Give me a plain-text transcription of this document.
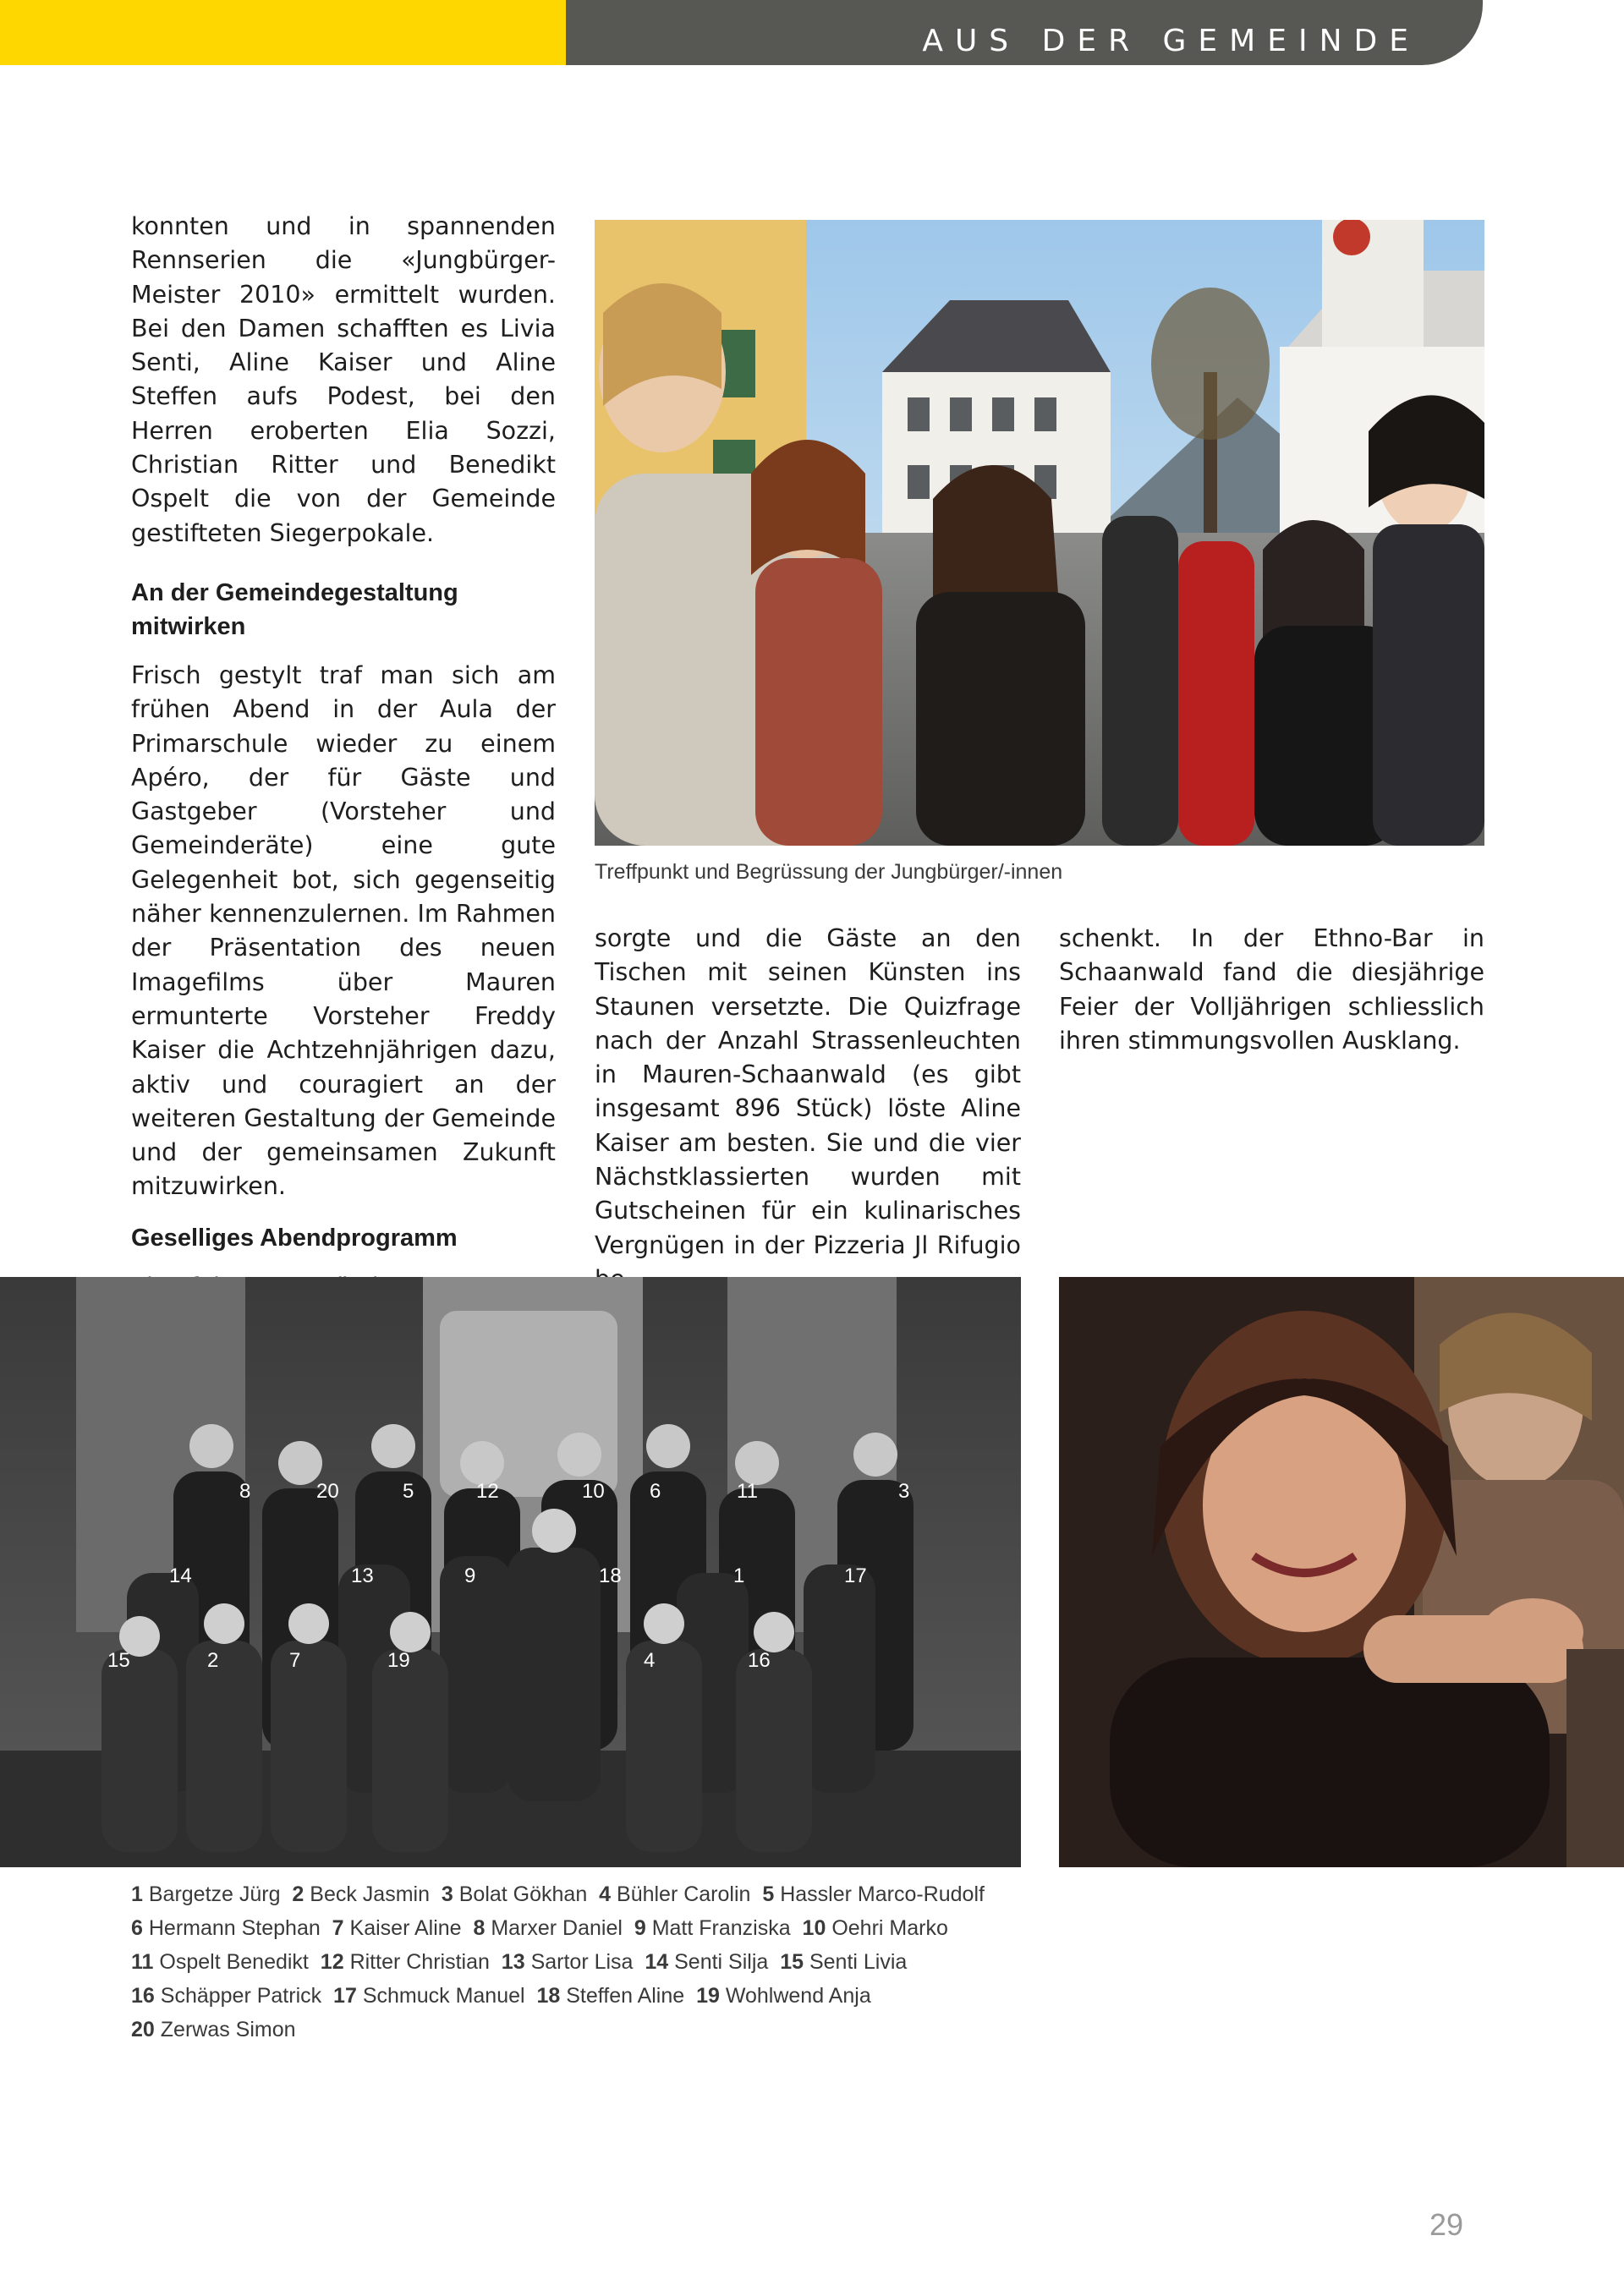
AUS DER GEMEINDE

konnten und in spannenden Rennserien die «Jungbürger-Meister 2010» ermittelt wurden. Bei den Damen schafften es Livia Senti, Aline Kaiser und Aline Steffen aufs Podest, bei den Herren eroberten Elia Sozzi, Christian Ritter und Benedikt Ospelt die von der Gemeinde gestifteten Siegerpokale.

An der Gemeindegestaltung mitwirken

Frisch gestylt traf man sich am frühen Abend in der Aula der Primarschule wieder zu einem Apéro, der für Gäste und Gastgeber (Vorsteher und Gemeinderäte) eine gute Gelegenheit bot, sich gegenseitig näher kennenzulernen. Im Rahmen der Präsentation des neuen Imagefilms über Mauren ermunterte Vorsteher Freddy Kaiser die Achtzehnjährigen dazu, aktiv und couragiert an der weiteren Gestaltung der Gemeinde und der gemeinsamen Zukunft mitzuwirken.

Geselliges Abendprogramm

Treffpunkt und Begrüssung der Jungbürger/-innen

sorgte und die Gäste an den Tischen mit seinen Künsten ins Staunen versetzte. Die Quizfrage nach der Anzahl Strassenleuchten in Mauren-Schaanwald (es gibt insgesamt 896 Stück) löste Aline Kaiser am besten. Sie und die vier Nächstklassierten wurden mit Gutscheinen für ein kulinarisches Vergnügen in der Pizzeria Jl Rifugio

schenkt. In der Ethno-Bar in Schaanwald fand die diesjährige Feier der Volljährigen schliesslich ihren stimmungsvollen Ausklang.

8	20	5	12	10 6	11	3
14	13	9	18	1	17
15	2	7	19	4	16
1 Bargetze Jürg 2 Beck Jasmin 3 Bolat Gökhan 4 Bühler Carolin 5 Hassler Marco-Rudolf
6 Hermann Stephan 7 Kaiser Aline 8 Marxer Daniel 9 Matt Franziska 10 Oehri Marko
11 Ospelt Benedikt 12 Ritter Christian 13 Sartor Lisa 14 Senti Silja 15 Senti Livia
16 Schäpper Patrick 17 Schmuck Manuel 18 Steffen Aline 19 Wohlwend Anja
20 Zerwas Simon
29
